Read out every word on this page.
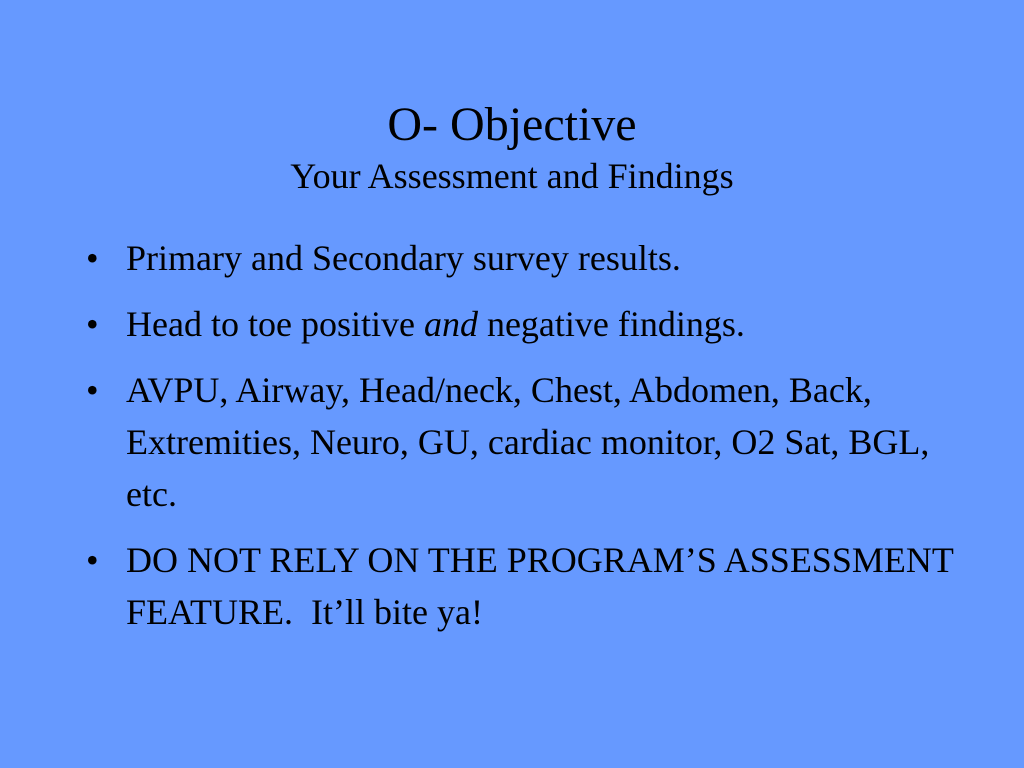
O- Objective
Your Assessment and Findings
• Primary and Secondary survey results.
• Head to toe positive and negative findings.
• AVPU, Airway, Head/neck, Chest, Abdomen, Back, Extremities, Neuro, GU, cardiac monitor, O2 Sat, BGL, etc.
• DO NOT RELY ON THE PROGRAM’S ASSESSMENT FEATURE.  It’ll bite ya!
